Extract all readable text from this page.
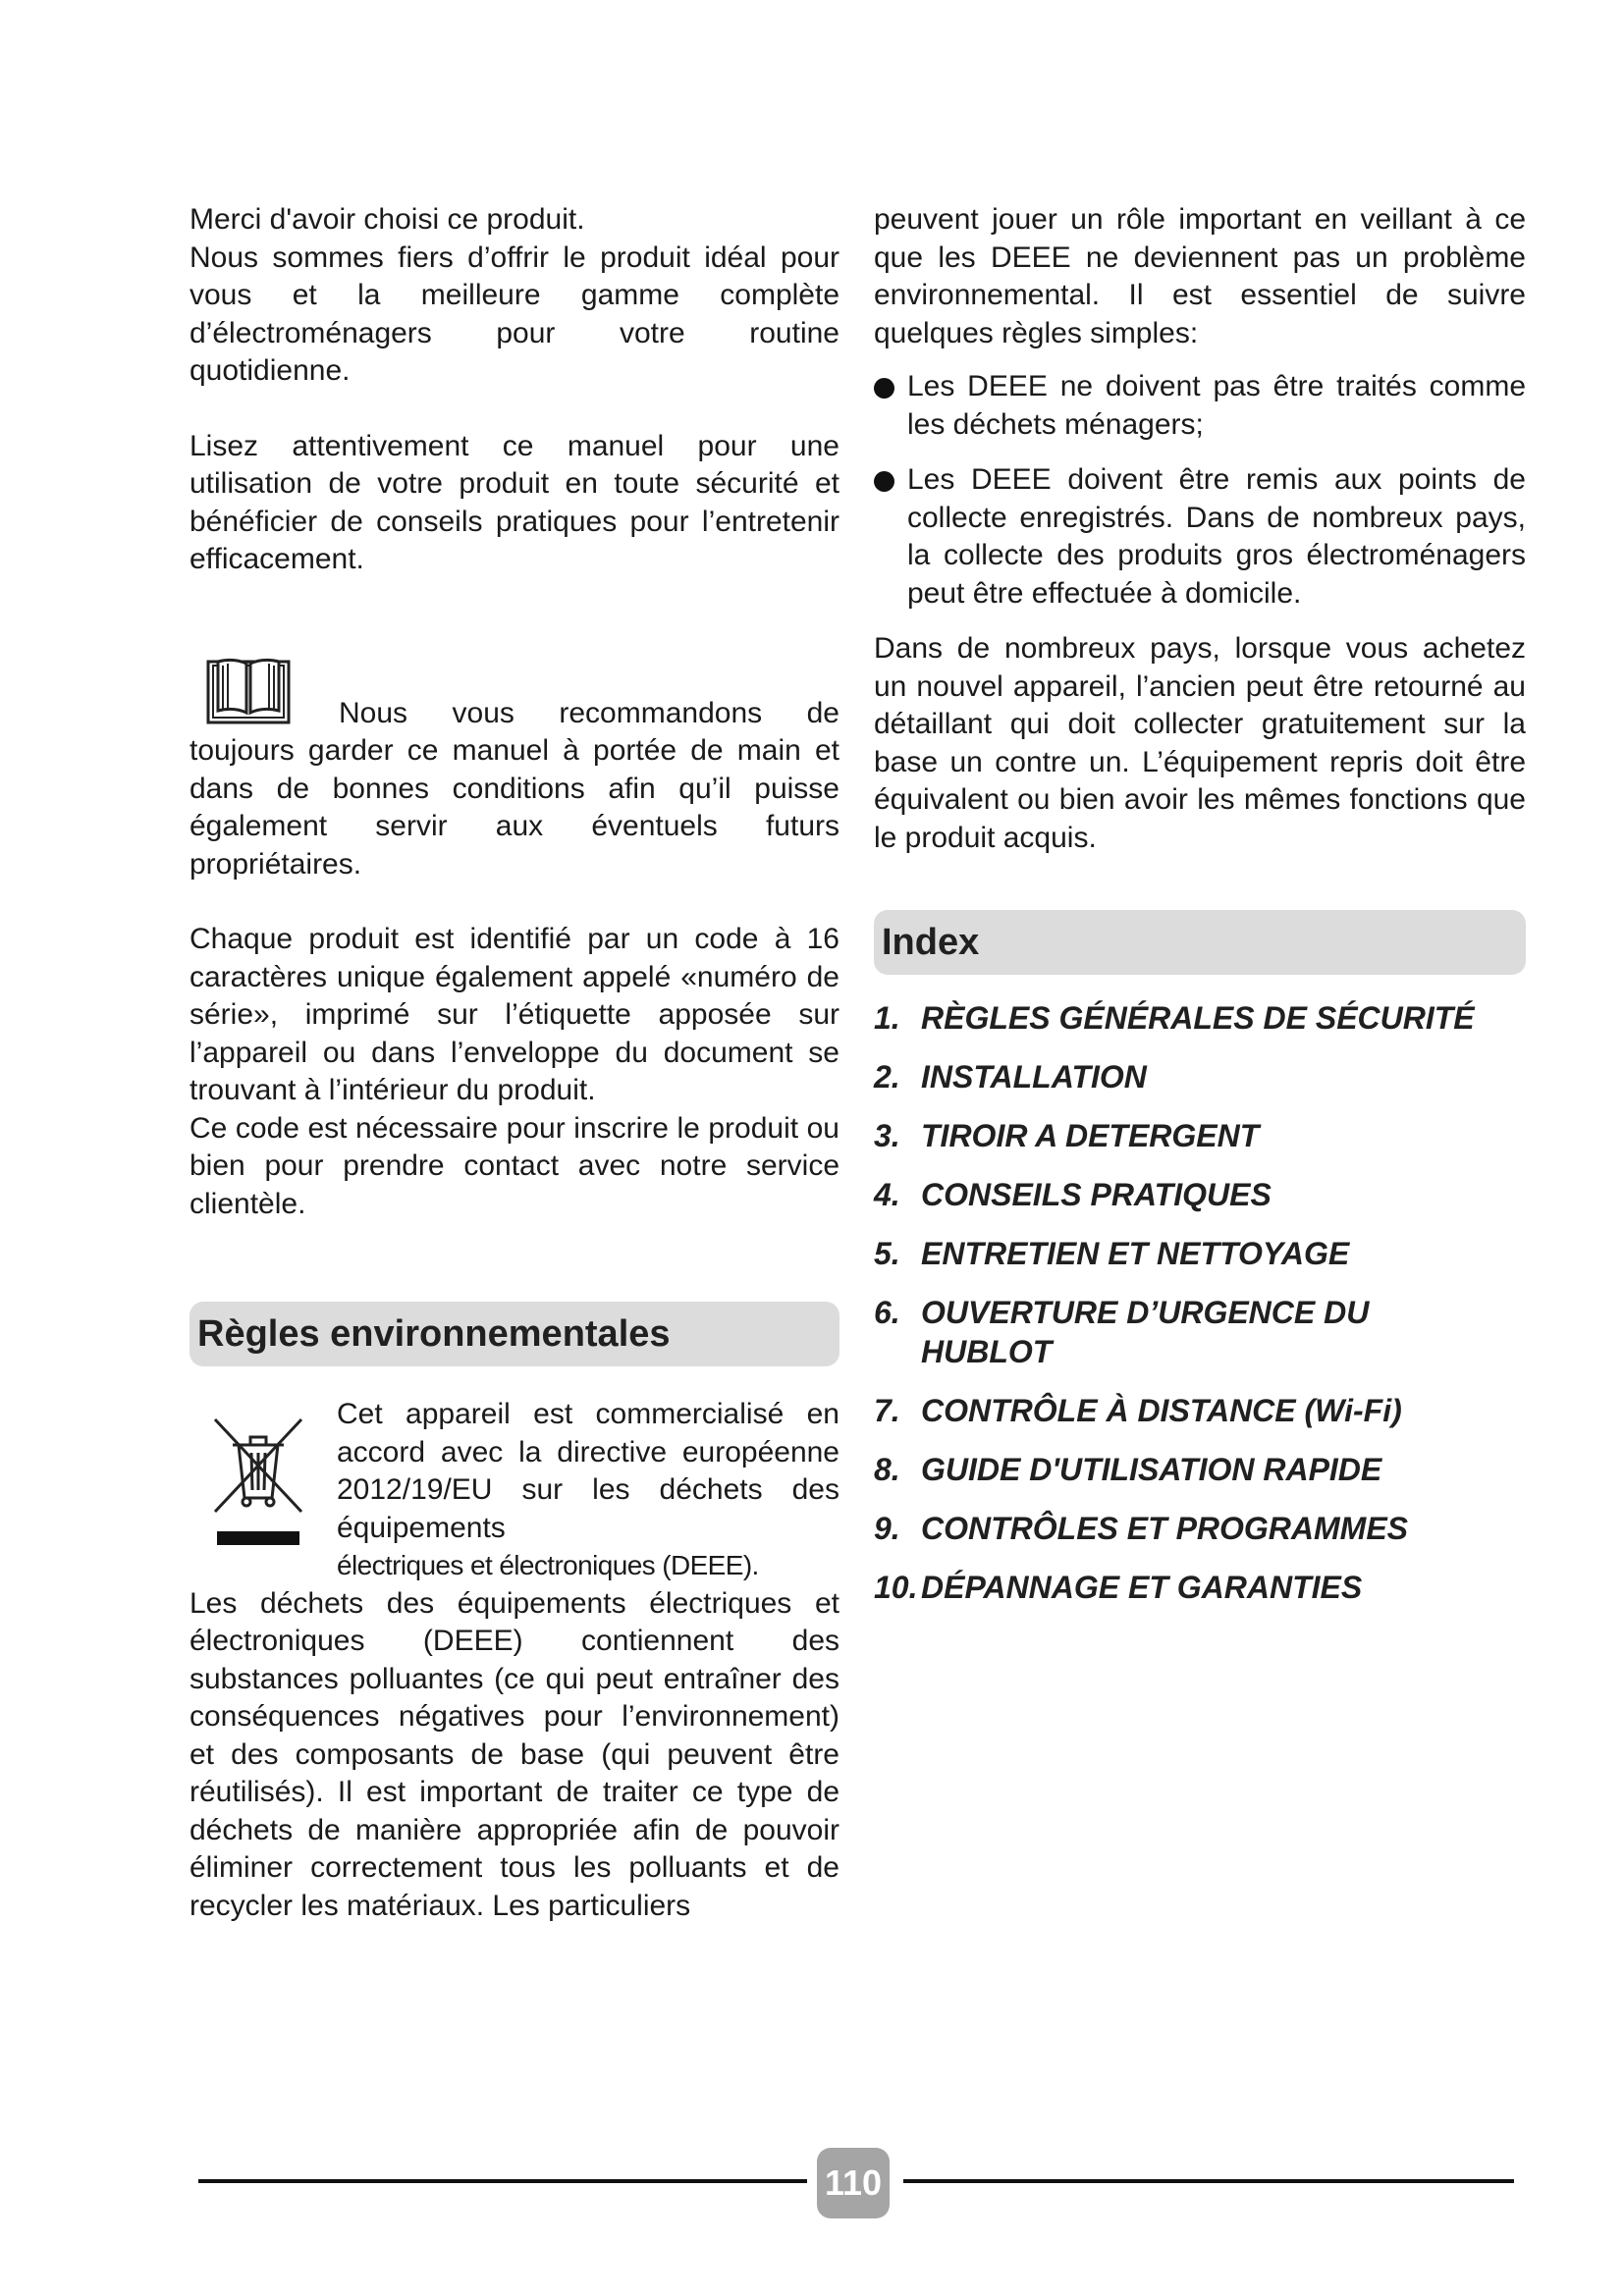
Merci d'avoir choisi ce produit.

Nous sommes fiers d’offrir le produit idéal pour vous et la meilleure gamme complète d’électroménagers pour votre routine quotidienne.

Lisez attentivement ce manuel pour une utilisation de votre produit en toute sécurité et bénéficier de conseils pratiques pour l’entretenir efficacement.

Nous vous recommandons de

toujours garder ce manuel à portée de main et dans de bonnes conditions afin qu’il puisse également servir aux éventuels futurs propriétaires.

Chaque produit est identifié par un code à 16 caractères unique également appelé «numéro de série», imprimé sur l’étiquette apposée sur l’appareil ou dans l’enveloppe du document se trouvant à l’intérieur du produit.

Ce code est nécessaire pour inscrire le produit ou bien pour prendre contact avec notre service clientèle.

Règles environnementales

Cet appareil est commercialisé en accord avec la directive européenne 2012/19/EU sur les déchets des équipements

électriques et électroniques (DEEE).

Les déchets des équipements électriques et électroniques (DEEE) contiennent des substances polluantes (ce qui peut entraîner des conséquences négatives pour l’environnement) et des composants de base (qui peuvent être réutilisés). Il est important de traiter ce type de déchets de manière appropriée afin de pouvoir éliminer correctement tous les polluants et de recycler les matériaux. Les particuliers

peuvent jouer un rôle important en veillant à ce que les DEEE ne deviennent pas un problème environnemental. Il est essentiel de suivre quelques règles simples:

Les DEEE ne doivent pas être traités comme les déchets ménagers;
Les DEEE doivent être remis aux points de collecte enregistrés. Dans de nombreux pays, la collecte des produits gros électroménagers peut être effectuée à domicile.

Dans de nombreux pays, lorsque vous achetez un nouvel appareil, l’ancien peut être retourné au détaillant qui doit collecter gratuitement sur la base un contre un. L’équipement repris doit être équivalent ou bien avoir les mêmes fonctions que le produit acquis.

Index
1. RÈGLES GÉNÉRALES DE SÉCURITÉ
2. INSTALLATION
3. TIROIR A DETERGENT
4. CONSEILS PRATIQUES
5. ENTRETIEN ET NETTOYAGE
6. OUVERTURE D’URGENCE DU HUBLOT
7. CONTRÔLE À DISTANCE (Wi-Fi)
8. GUIDE D'UTILISATION RAPIDE
9. CONTRÔLES ET PROGRAMMES
10. DÉPANNAGE ET GARANTIES
110
